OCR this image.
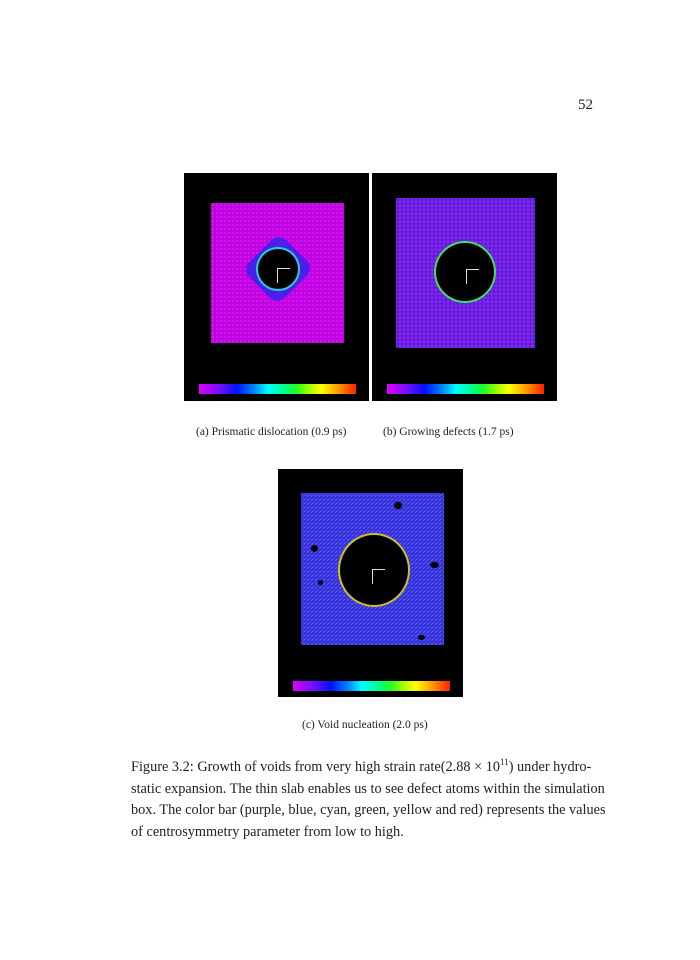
52
(a) Prismatic dislocation (0.9 ps)	(b) Growing defects (1.7 ps)
(c) Void nucleation (2.0 ps)
Figure 3.2: Growth of voids from very high strain rate(2.88 × $10^{11}$) under hydro-
static expansion. The thin slab enables us to see defect atoms within the simulation
box. The color bar (purple, blue, cyan, green, yellow and red) represents the values
of centrosymmetry parameter from low to high.
